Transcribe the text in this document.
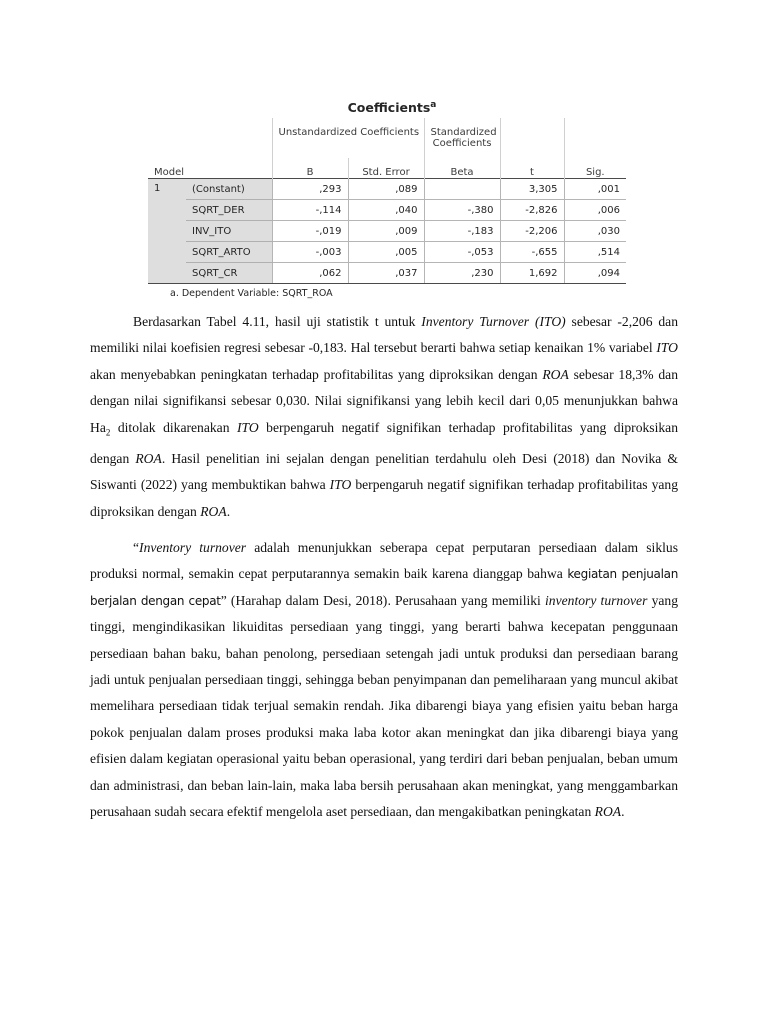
Coefficients$^a$
		Unstandardized Coefficients		Standardized		
				Coefficients		
Model		B	Std. Error	Beta	t	Sig.
1	(Constant)	,293	,089		3,305	,001
	SQRT_DER	-,114	,040	-,380	-2,826	,006
	INV_ITO	-,019	,009	-,183	-2,206	,030
	SQRT_ARTO	-,003	,005	-,053	-,655	,514
	SQRT_CR	,062	,037	,230	1,692	,094
a. Dependent Variable: SQRT_ROA

Berdasarkan Tabel 4.11, hasil uji statistik t untuk Inventory Turnover (ITO) sebesar -2,206 dan memiliki nilai koefisien regresi sebesar -0,183. Hal tersebut berarti bahwa setiap kenaikan 1% variabel ITO akan menyebabkan peningkatan terhadap profitabilitas yang diproksikan dengan ROA sebesar 18,3% dan dengan nilai signifikansi sebesar 0,030. Nilai signifikansi yang lebih kecil dari 0,05 menunjukkan bahwa $Ha_2$ ditolak dikarenakan ITO berpengaruh negatif signifikan terhadap profitabilitas yang diproksikan dengan ROA. Hasil penelitian ini sejalan dengan penelitian terdahulu oleh Desi (2018) dan Novika & Siswanti (2022) yang membuktikan bahwa ITO berpengaruh negatif signifikan terhadap profitabilitas yang diproksikan dengan ROA.

“Inventory turnover adalah menunjukkan seberapa cepat perputaran persediaan dalam siklus produksi normal, semakin cepat perputarannya semakin baik karena dianggap bahwa kegiatan penjualan berjalan dengan cepat” (Harahap dalam Desi, 2018). Perusahaan yang memiliki inventory turnover yang tinggi, mengindikasikan likuiditas persediaan yang tinggi, yang berarti bahwa kecepatan penggunaan persediaan bahan baku, bahan penolong, persediaan setengah jadi untuk produksi dan persediaan barang jadi untuk penjualan persediaan tinggi, sehingga beban penyimpanan dan pemeliharaan yang muncul akibat memelihara persediaan tidak terjual semakin rendah. Jika dibarengi biaya yang efisien yaitu beban harga pokok penjualan dalam proses produksi maka laba kotor akan meningkat dan jika dibarengi biaya yang efisien dalam kegiatan operasional yaitu beban operasional, yang terdiri dari beban penjualan, beban umum dan administrasi, dan beban lain-lain, maka laba bersih perusahaan akan meningkat, yang menggambarkan perusahaan sudah secara efektif mengelola aset persediaan, dan mengakibatkan peningkatan ROA.
